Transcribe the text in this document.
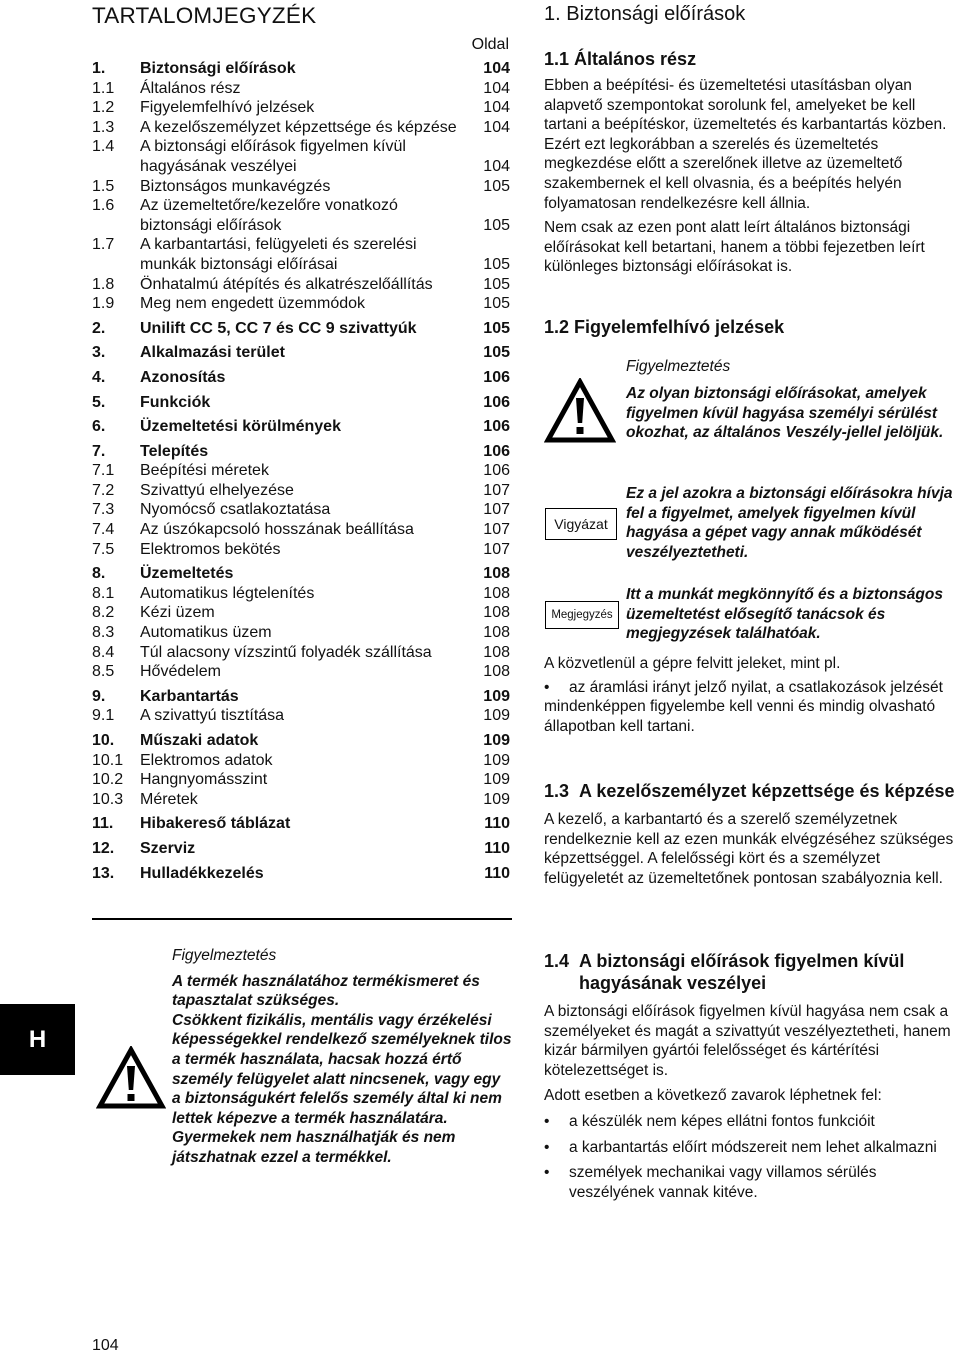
TARTALOMJEGYZÉK
Oldal
1.	Biztonsági előírások	104
1.1	Általános rész	104
1.2	Figyelemfelhívó jelzések	104
1.3	A kezelőszemélyzet képzettsége és képzése	104
1.4	A biztonsági előírások figyelmen kívül hagyásának veszélyei	104
1.5	Biztonságos munkavégzés	105
1.6	Az üzemeltetőre/kezelőre vonatkozó biztonsági előírások	105
1.7	A karbantartási, felügyeleti és szerelési munkák biztonsági előírásai	105
1.8	Önhatalmú átépítés és alkatrészelőállítás	105
1.9	Meg nem engedett üzemmódok	105
2.	Unilift CC 5, CC 7 és CC 9 szivattyúk	105
3.	Alkalmazási terület	105
4.	Azonosítás	106
5.	Funkciók	106
6.	Üzemeltetési körülmények	106
7.	Telepítés	106
7.1	Beépítési méretek	106
7.2	Szivattyú elhelyezése	107
7.3	Nyomócső csatlakoztatása	107
7.4	Az úszókapcsoló hosszának beállítása	107
7.5	Elektromos bekötés	107
8.	Üzemeltetés	108
8.1	Automatikus légtelenítés	108
8.2	Kézi üzem	108
8.3	Automatikus üzem	108
8.4	Túl alacsony vízszintű folyadék szállítása	108
8.5	Hővédelem	108
9.	Karbantartás	109
9.1	A szivattyú tisztítása	109
10.	Műszaki adatok	109
10.1	Elektromos adatok	109
10.2	Hangnyomásszint	109
10.3	Méretek	109
11.	Hibakereső táblázat	110
12.	Szerviz	110
13.	Hulladékkezelés	110
Figyelmeztetés
A termék használatához termékismeret és tapasztalat szükséges.
Csökkent fizikális, mentális vagy érzékelési képességekkel rendelkező személyeknek tilos a termék használata, hacsak hozzá értő személy felügyelet alatt nincsenek, vagy egy a biztonságukért felelős személy által ki nem lettek képezve a termék használatára.
Gyermekek nem használhatják és nem játszhatnak ezzel a termékkel.
H
104
1. Biztonsági előírások
1.1 Általános rész

Ebben a beépítési- és üzemeltetési utasításban olyan alapvető szempontokat sorolunk fel, amelyeket be kell tartani a beépítéskor, üzemeltetés és karbantartás közben. Ezért ezt legkorábban a szerelés és üzemeltetés megkezdése előtt a szerelőnek illetve az üzemeltető szakembernek el kell olvasnia, és a beépítés helyén folyamatosan rendelkezésre kell állnia.

Nem csak az ezen pont alatt leírt általános biztonsági előírásokat kell betartani, hanem a többi fejezetben leírt különleges biztonsági előírásokat is.

1.2 Figyelemfelhívó jelzések
Figyelmeztetés
Az olyan biztonsági előírásokat, amelyek figyelmen kívül hagyása személyi sérülést okozhat, az általános Veszély-jellel jelöljük.
Vigyázat
Ez a jel azokra a biztonsági előírásokra hívja fel a figyelmet, amelyek figyelmen kívül hagyása a gépet vagy annak működését veszélyeztetheti.
Megjegyzés
Itt a munkát megkönnyítő és a biztonságos üzemeltetést elősegítő tanácsok és megjegyzések találhatóak.

A közvetlenül a gépre felvitt jeleket, mint pl.

•	az áramlási irányt jelző nyilat, a csatlakozások jelzését

mindenképpen figyelembe kell venni és mindig olvasható állapotban kell tartani.

1.3 A kezelőszemélyzet képzettsége és képzése

A kezelő, a karbantartó és a szerelő személyzetnek rendelkeznie kell az ezen munkák elvégzéséhez szükséges képzettséggel. A felelősségi kört és a személyzet felügyeletét az üzemeltetőnek pontosan szabályoznia kell.

1.4 A biztonsági előírások figyelmen kívül hagyásának veszélyei

A biztonsági előírások figyelmen kívül hagyása nem csak a személyeket és magát a szivattyút veszélyeztetheti, hanem kizár bármilyen gyártói felelősséget és kártérítési kötelezettséget is.

Adott esetben a következő zavarok léphetnek fel:

•	a készülék nem képes ellátni fontos funkcióit
•	a karbantartás előírt módszereit nem lehet alkalmazni
•	személyek mechanikai vagy villamos sérülés veszélyének vannak kitéve.
